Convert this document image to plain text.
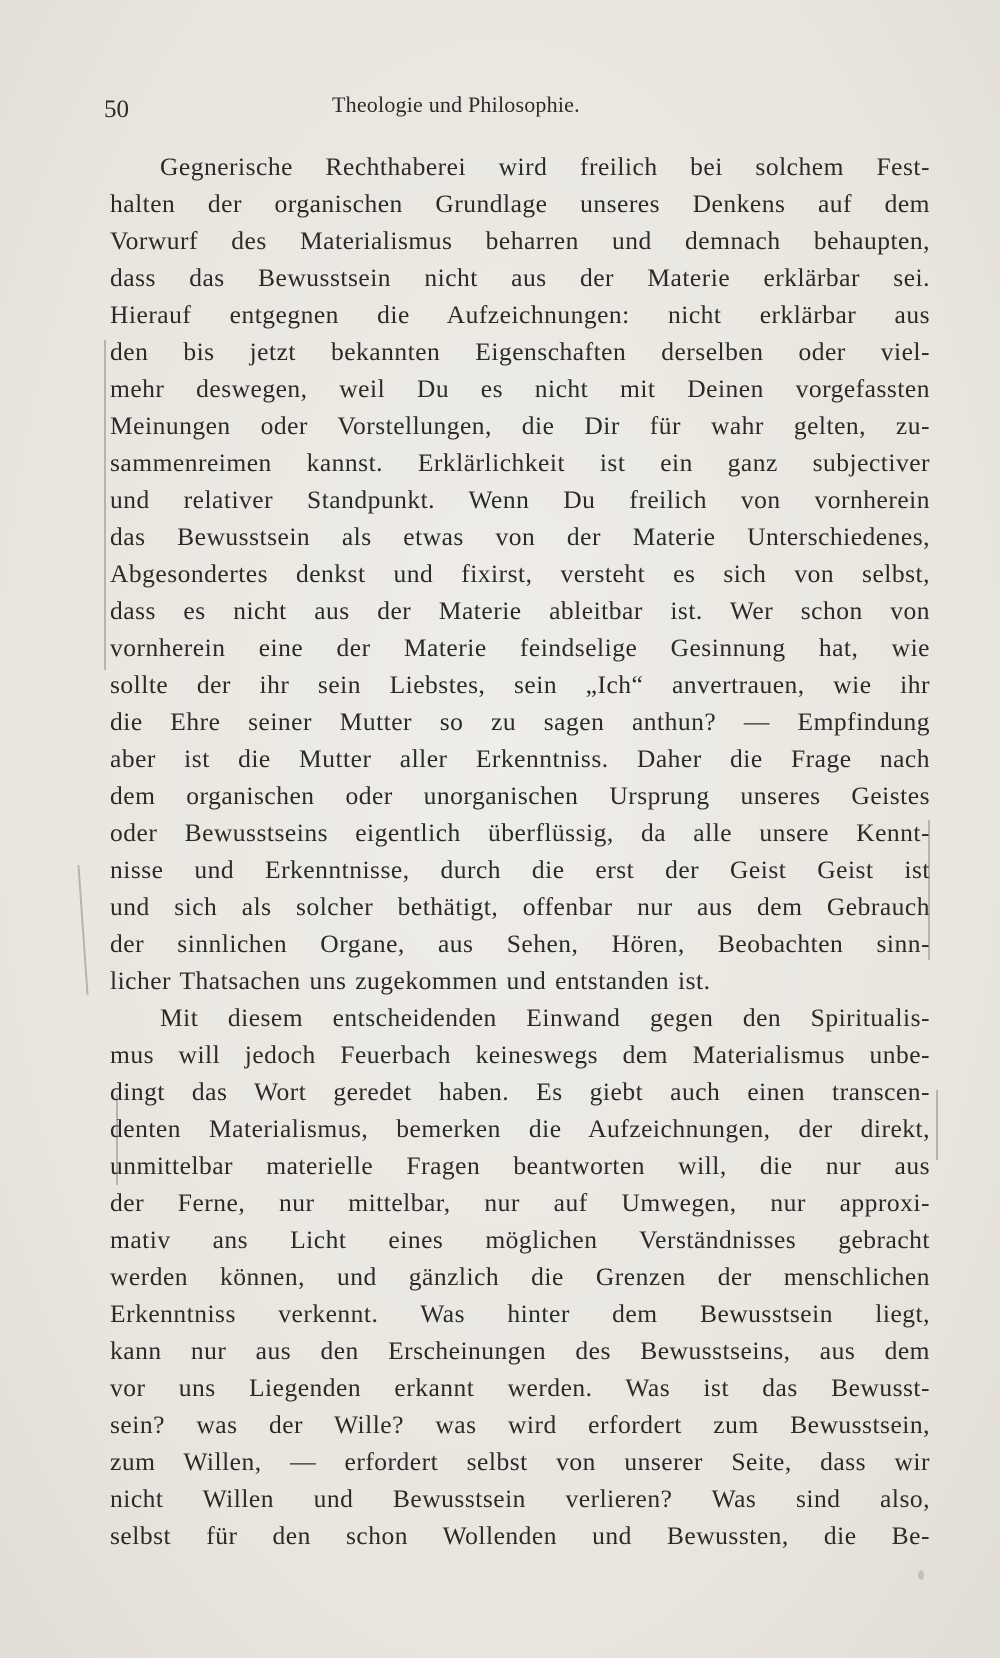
50	Theologie und Philosophie.
Gegnerische Rechthaberei wird freilich bei solchem Fest-
halten der organischen Grundlage unseres Denkens auf dem
Vorwurf des Materialismus beharren und demnach behaupten,
dass das Bewusstsein nicht aus der Materie erklärbar sei.
Hierauf entgegnen die Aufzeichnungen: nicht erklärbar aus
den bis jetzt bekannten Eigenschaften derselben oder viel-
mehr deswegen, weil Du es nicht mit Deinen vorgefassten
Meinungen oder Vorstellungen, die Dir für wahr gelten, zu-
sammenreimen kannst. Erklärlichkeit ist ein ganz subjectiver
und relativer Standpunkt. Wenn Du freilich von vornherein
das Bewusstsein als etwas von der Materie Unterschiedenes,
Abgesondertes denkst und fixirst, versteht es sich von selbst,
dass es nicht aus der Materie ableitbar ist. Wer schon von
vornherein eine der Materie feindselige Gesinnung hat, wie
sollte der ihr sein Liebstes, sein „Ich“ anvertrauen, wie ihr
die Ehre seiner Mutter so zu sagen anthun? — Empfindung
aber ist die Mutter aller Erkenntniss. Daher die Frage nach
dem organischen oder unorganischen Ursprung unseres Geistes
oder Bewusstseins eigentlich überflüssig, da alle unsere Kennt-
nisse und Erkenntnisse, durch die erst der Geist Geist ist
und sich als solcher bethätigt, offenbar nur aus dem Gebrauch
der sinnlichen Organe, aus Sehen, Hören, Beobachten sinn-
licher Thatsachen uns zugekommen und entstanden ist.
Mit diesem entscheidenden Einwand gegen den Spiritualis-
mus will jedoch Feuerbach keineswegs dem Materialismus unbe-
dingt das Wort geredet haben. Es giebt auch einen transcen-
denten Materialismus, bemerken die Aufzeichnungen, der direkt,
unmittelbar materielle Fragen beantworten will, die nur aus
der Ferne, nur mittelbar, nur auf Umwegen, nur approxi-
mativ ans Licht eines möglichen Verständnisses gebracht
werden können, und gänzlich die Grenzen der menschlichen
Erkenntniss verkennt. Was hinter dem Bewusstsein liegt,
kann nur aus den Erscheinungen des Bewusstseins, aus dem
vor uns Liegenden erkannt werden. Was ist das Bewusst-
sein? was der Wille? was wird erfordert zum Bewusstsein,
zum Willen, — erfordert selbst von unserer Seite, dass wir
nicht Willen und Bewusstsein verlieren? Was sind also,
selbst für den schon Wollenden und Bewussten, die Be-
